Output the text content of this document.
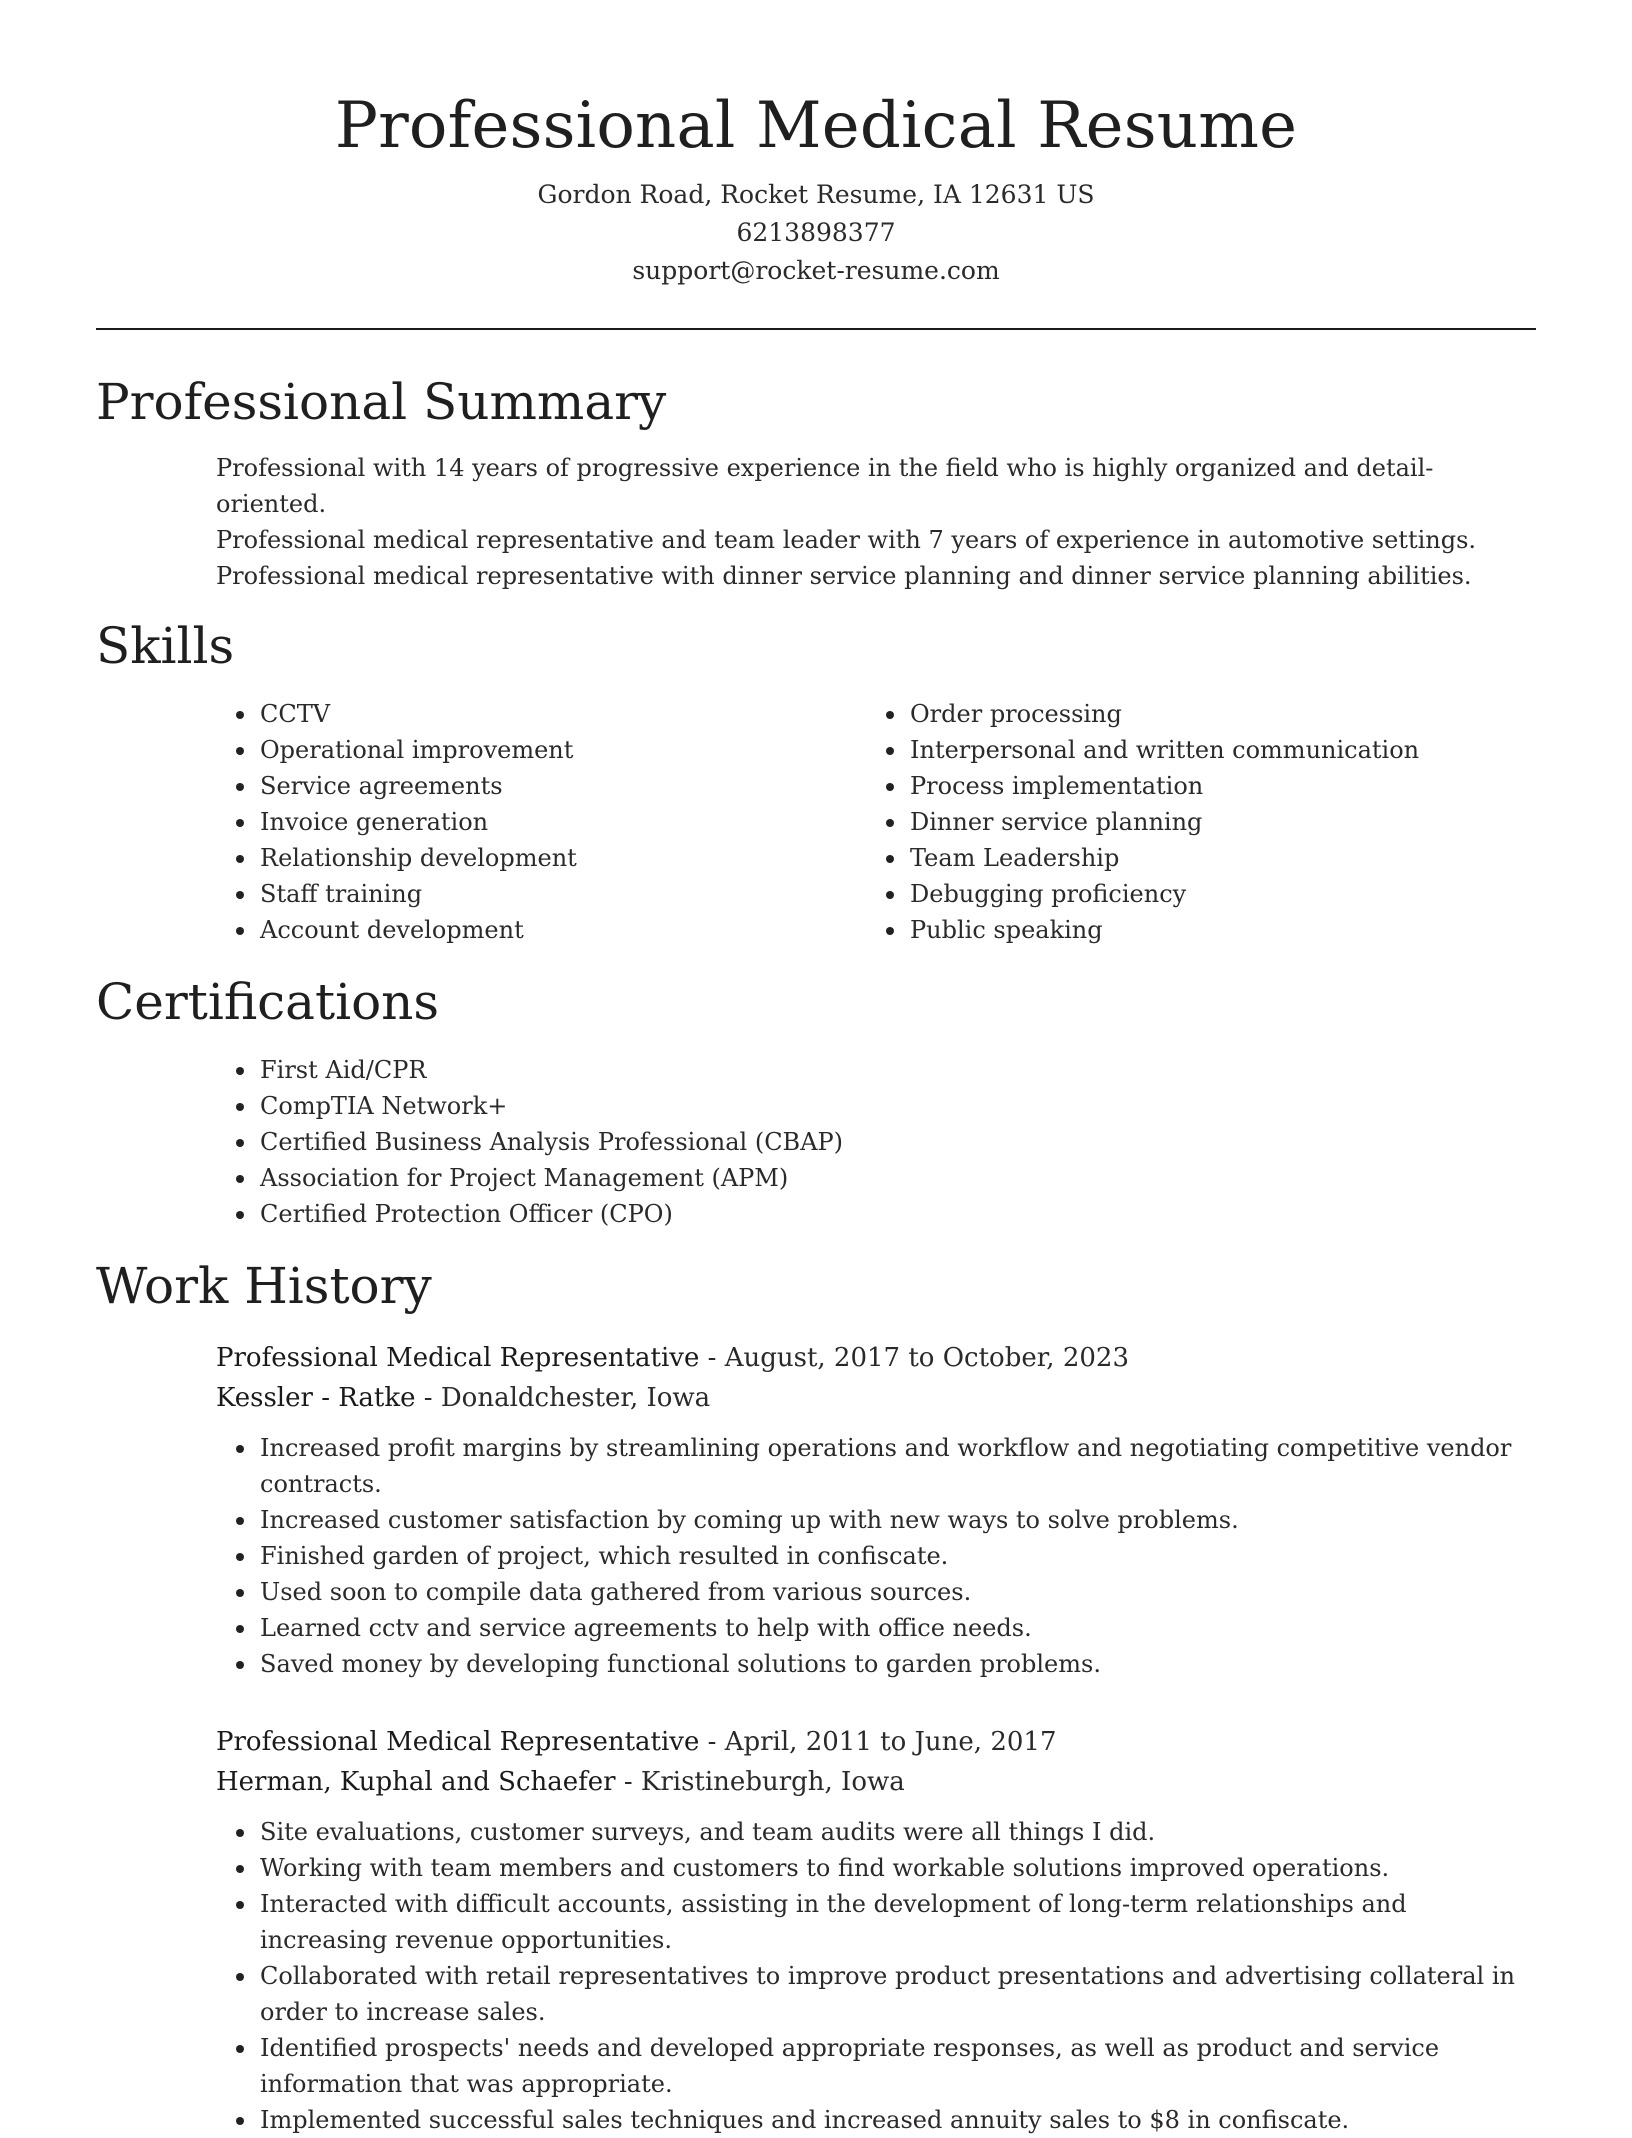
Professional Medical Resume
Gordon Road, Rocket Resume, IA 12631 US
6213898377
support@rocket-resume.com
Professional Summary

Professional with 14 years of progressive experience in the field who is highly organized and detail-oriented.

Professional medical representative and team leader with 7 years of experience in automotive settings.

Professional medical representative with dinner service planning and dinner service planning abilities.

Skills
CCTV
Operational improvement
Service agreements
Invoice generation
Relationship development
Staff training
Account development
Order processing
Interpersonal and written communication
Process implementation
Dinner service planning
Team Leadership
Debugging proficiency
Public speaking
Certifications
First Aid/CPR
CompTIA Network+
Certified Business Analysis Professional (CBAP)
Association for Project Management (APM)
Certified Protection Officer (CPO)
Work History
Professional Medical Representative - August, 2017 to October, 2023
Kessler - Ratke - Donaldchester, Iowa
Increased profit margins by streamlining operations and workflow and negotiating competitive vendor contracts.
Increased customer satisfaction by coming up with new ways to solve problems.
Finished garden of project, which resulted in confiscate.
Used soon to compile data gathered from various sources.
Learned cctv and service agreements to help with office needs.
Saved money by developing functional solutions to garden problems.
Professional Medical Representative - April, 2011 to June, 2017
Herman, Kuphal and Schaefer - Kristineburgh, Iowa
Site evaluations, customer surveys, and team audits were all things I did.
Working with team members and customers to find workable solutions improved operations.
Interacted with difficult accounts, assisting in the development of long-term relationships and increasing revenue opportunities.
Collaborated with retail representatives to improve product presentations and advertising collateral in order to increase sales.
Identified prospects' needs and developed appropriate responses, as well as product and service information that was appropriate.
Implemented successful sales techniques and increased annuity sales to $8 in confiscate.
